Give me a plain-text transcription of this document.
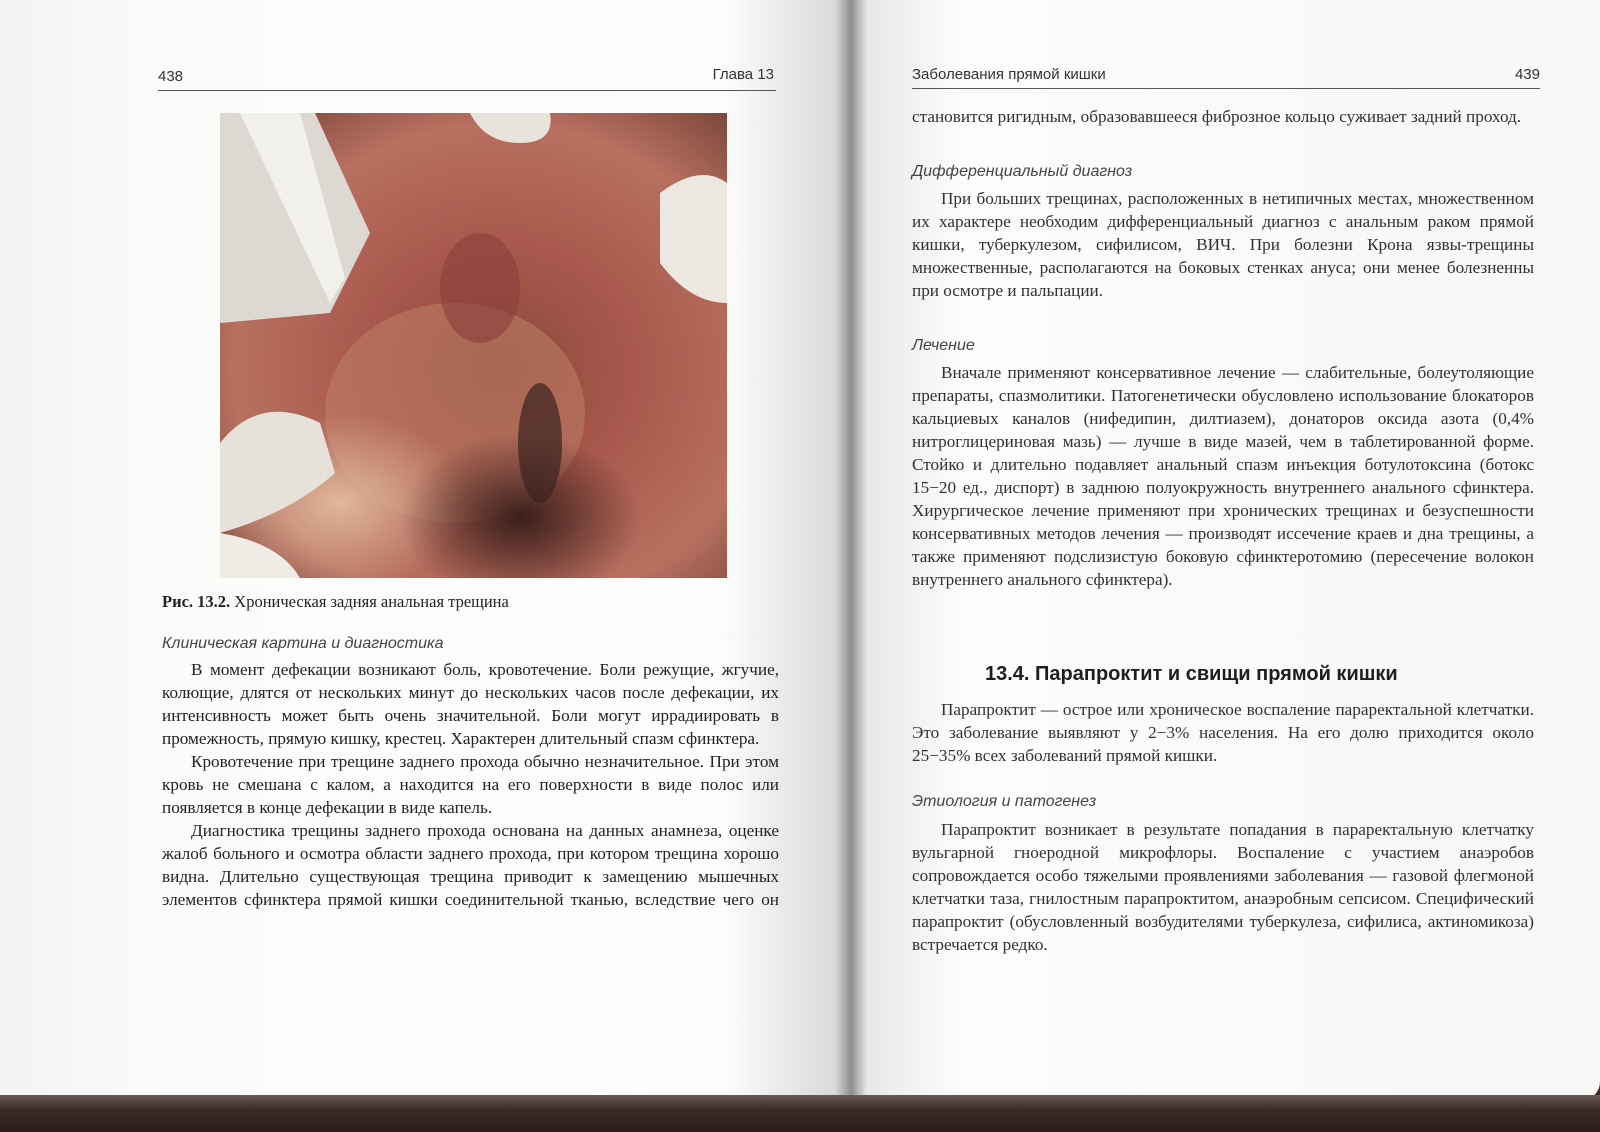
438	Глава 13
Рис. 13.2. Хроническая задняя анальная трещина
Клиническая картина и диагностика

В момент дефекации возникают боль, кровотечение. Боли режущие, жгучие, колющие, длятся от нескольких минут до нескольких часов после дефекации, их интенсивность может быть очень значительной. Боли могут иррадиировать в промежность, прямую кишку, крестец. Характерен длительный спазм сфинктера.

Кровотечение при трещине заднего прохода обычно незначительное. При этом кровь не смешана с калом, а находится на его поверхности в виде полос или появляется в конце дефекации в виде капель.

Диагностика трещины заднего прохода основана на данных анамнеза, оценке жалоб больного и осмотра области заднего прохода, при котором трещина хорошо видна. Длительно существующая трещина приводит к замещению мышечных элементов сфинктера прямой кишки соединительной тканью, вследствие чего он

Заболевания прямой кишки	439

становится ригидным, образовавшееся фиброзное кольцо суживает задний проход.

Дифференциальный диагноз

При больших трещинах, расположенных в нетипичных местах, множественном их характере необходим дифференциальный диагноз с анальным раком прямой кишки, туберкулезом, сифилисом, ВИЧ. При болезни Крона язвы-трещины множественные, располагаются на боковых стенках ануса; они менее болезненны при осмотре и пальпации.

Лечение

Вначале применяют консервативное лечение — слабительные, болеутоляющие препараты, спазмолитики. Патогенетически обусловлено использование блокаторов кальциевых каналов (нифедипин, дилтиазем), донаторов оксида азота (0,4% нитроглицериновая мазь) — лучше в виде мазей, чем в таблетированной форме. Стойко и длительно подавляет анальный спазм инъекция ботулотоксина (ботокс 15−20 ед., диспорт) в заднюю полуокружность внутреннего анального сфинктера. Хирургическое лечение применяют при хронических трещинах и безуспешности консервативных методов лечения — производят иссечение краев и дна трещины, а также применяют подслизистую боковую сфинктеротомию (пересечение волокон внутреннего анального сфинктера).

13.4. Парапроктит и свищи прямой кишки

Парапроктит — острое или хроническое воспаление параректальной клетчатки. Это заболевание выявляют у 2−3% населения. На его долю приходится около 25−35% всех заболеваний прямой кишки.

Этиология и патогенез

Парапроктит возникает в результате попадания в параректальную клетчатку вульгарной гноеродной микрофлоры. Воспаление с участием анаэробов сопровождается особо тяжелыми проявлениями заболевания — газовой флегмоной клетчатки таза, гнилостным парапроктитом, анаэробным сепсисом. Специфический парапроктит (обусловленный возбудителями туберкулеза, сифилиса, актиномикоза) встречается редко.
